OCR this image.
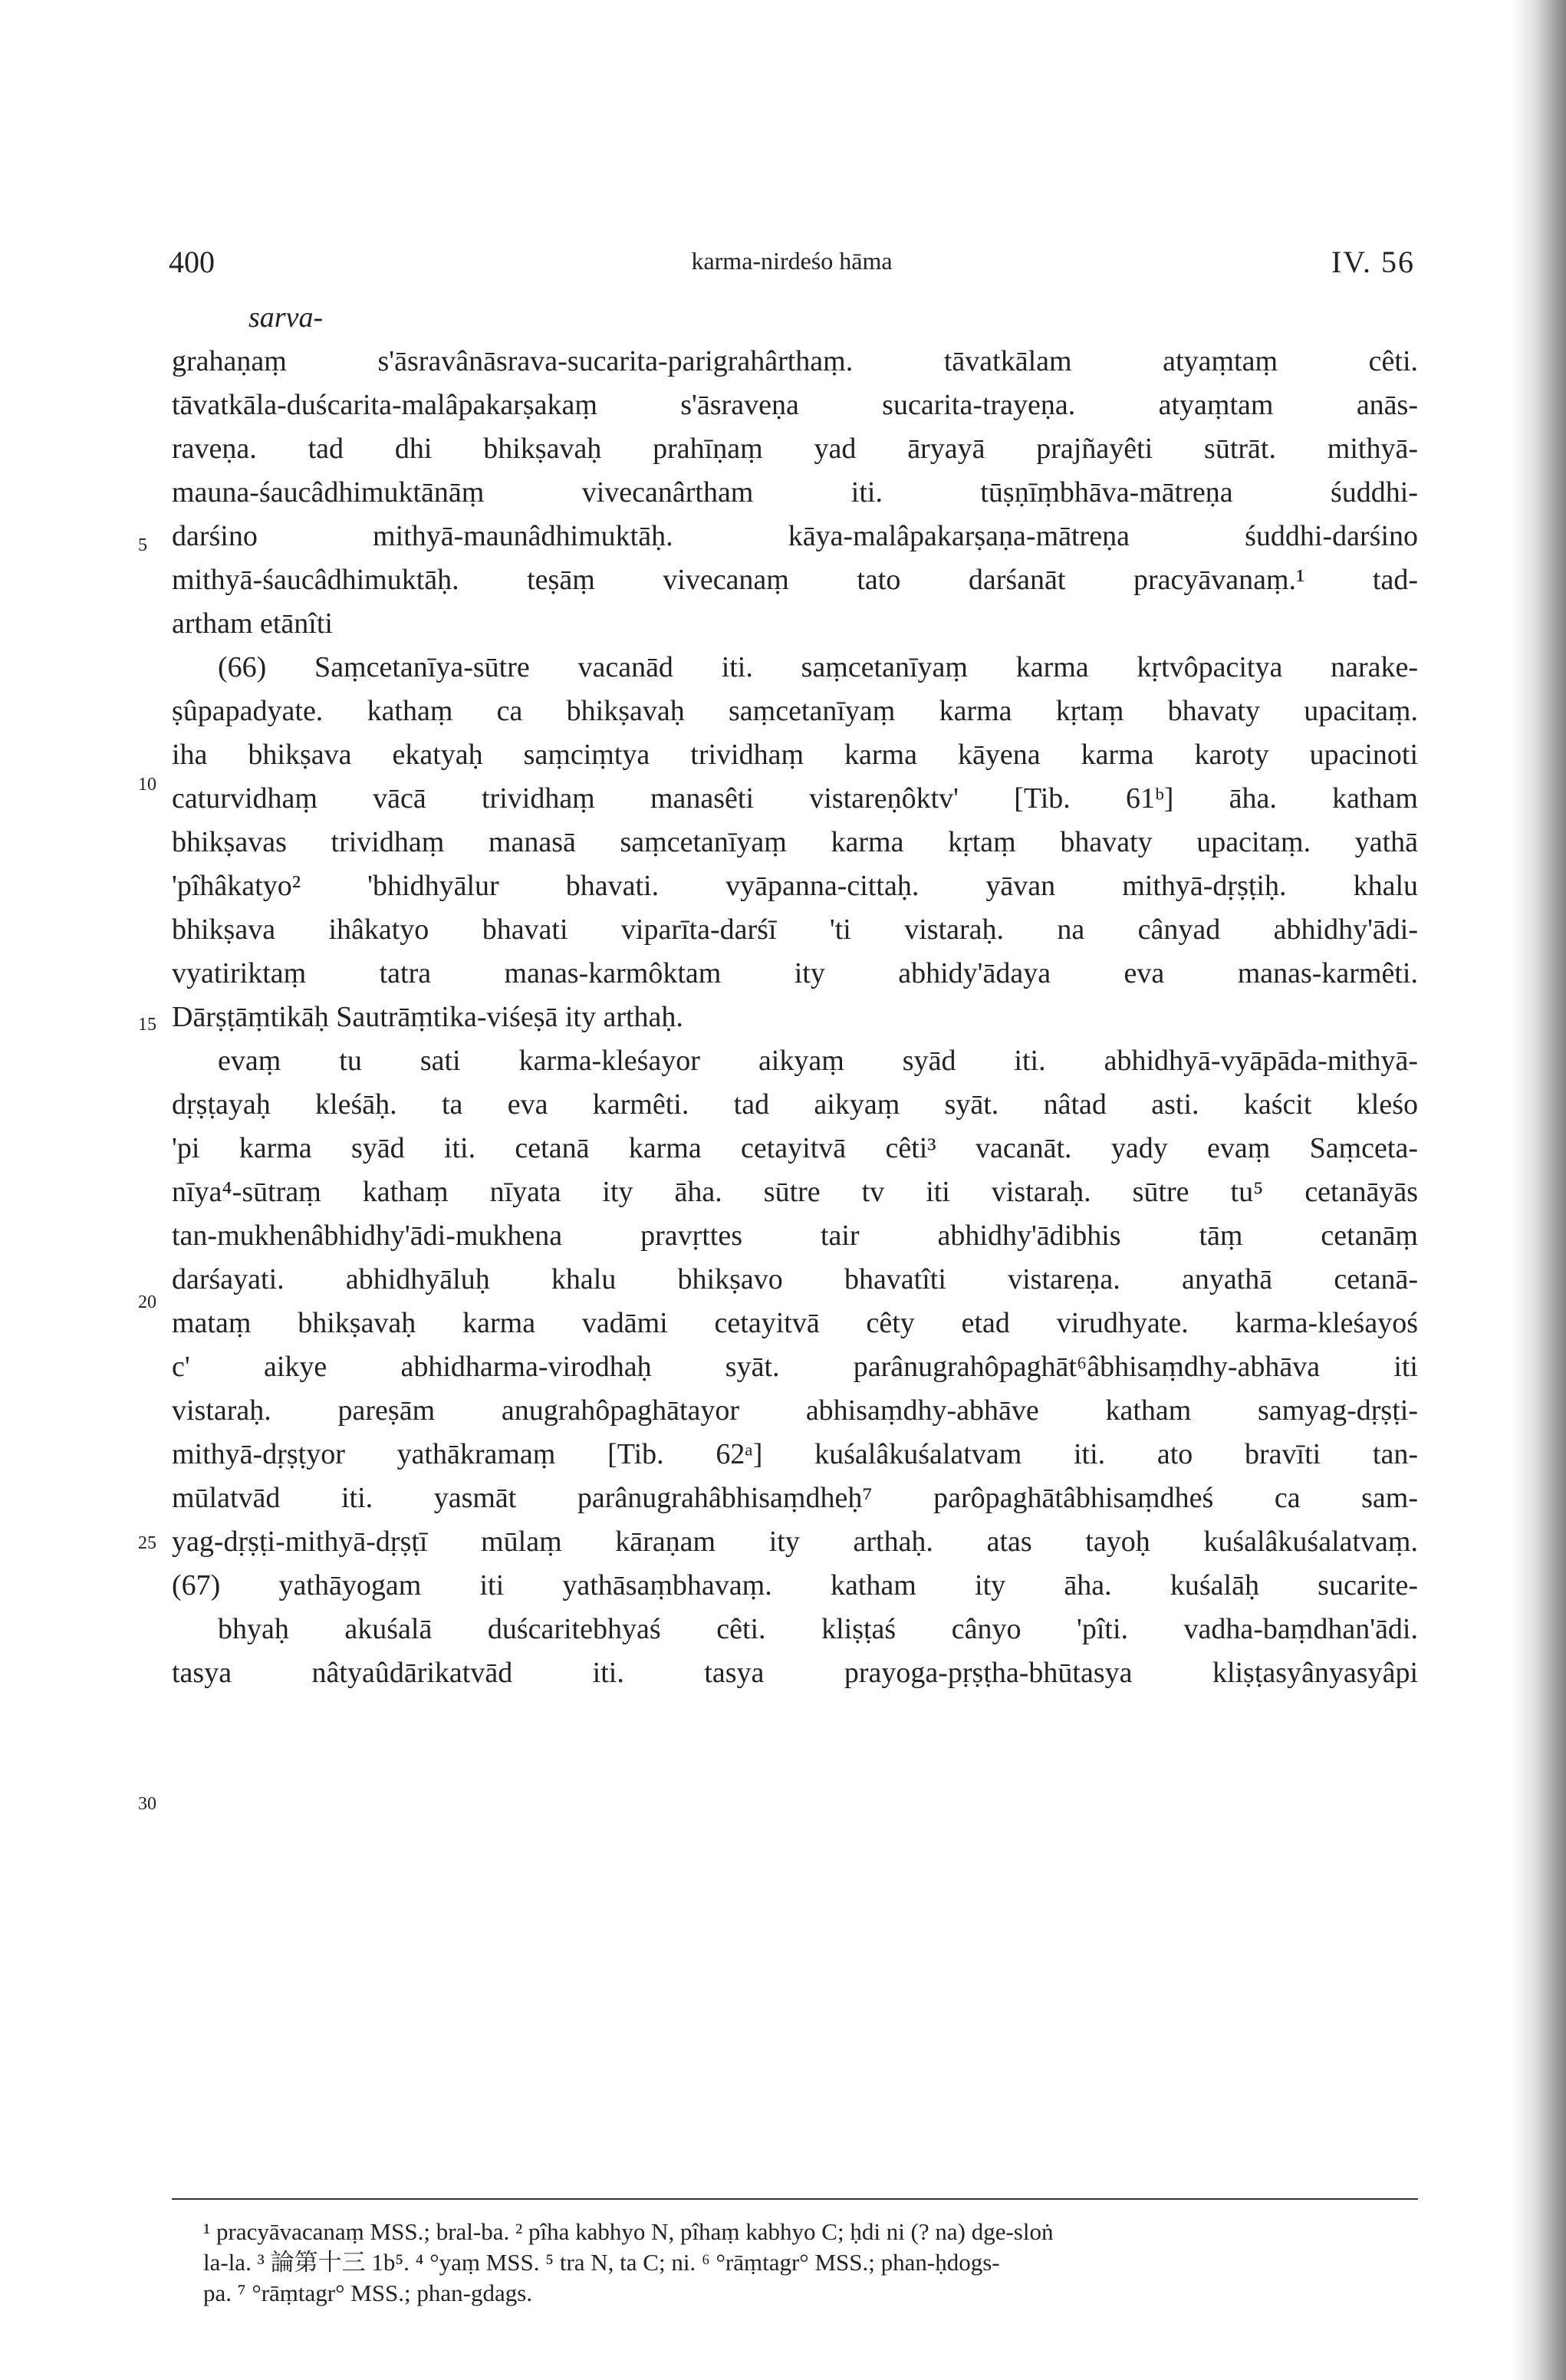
400	karma-nirdeśo hāma	IV. 56
5
10
15
20
25
30
sarva-
grahaṇaṃ s'āsravânāsrava-sucarita-parigrahârthaṃ. tāvatkālam atyaṃtaṃ cêti.
tāvatkāla-duścarita-malâpakarṣakaṃ s'āsraveṇa sucarita-trayeṇa. atyaṃtam anās-
raveṇa. tad dhi bhikṣavaḥ prahīṇaṃ yad āryayā prajñayêti sūtrāt. mithyā-
mauna-śaucâdhimuktānāṃ vivecanârtham iti. tūṣṇīṃbhāva-mātreṇa śuddhi-
darśino mithyā-maunâdhimuktāḥ. kāya-malâpakarṣaṇa-mātreṇa śuddhi-darśino
mithyā-śaucâdhimuktāḥ. teṣāṃ vivecanaṃ tato darśanāt pracyāvanaṃ.¹ tad-
artham etānîti
(66) Saṃcetanīya-sūtre vacanād iti. saṃcetanīyaṃ karma kṛtvôpacitya narake-
ṣûpapadyate. kathaṃ ca bhikṣavaḥ saṃcetanīyaṃ karma kṛtaṃ bhavaty upacitaṃ.
iha bhikṣava ekatyaḥ saṃciṃtya trividhaṃ karma kāyena karma karoty upacinoti
caturvidhaṃ vācā trividhaṃ manasêti vistareṇôktv' [Tib. 61ᵇ] āha. katham
bhikṣavas trividhaṃ manasā saṃcetanīyaṃ karma kṛtaṃ bhavaty upacitaṃ. yathā
'pîhâkatyo² 'bhidhyālur bhavati. vyāpanna-cittaḥ. yāvan mithyā-dṛṣṭiḥ. khalu
bhikṣava ihâkatyo bhavati viparīta-darśī 'ti vistaraḥ. na cânyad abhidhy'ādi-
vyatiriktaṃ tatra manas-karmôktam ity abhidy'ādaya eva manas-karmêti.
Dārṣṭāṃtikāḥ Sautrāṃtika-viśeṣā ity arthaḥ.
evaṃ tu sati karma-kleśayor aikyaṃ syād iti. abhidhyā-vyāpāda-mithyā-
dṛṣṭayaḥ kleśāḥ. ta eva karmêti. tad aikyaṃ syāt. nâtad asti. kaścit kleśo
'pi karma syād iti. cetanā karma cetayitvā cêti³ vacanāt. yady evaṃ Saṃceta-
nīya⁴-sūtraṃ kathaṃ nīyata ity āha. sūtre tv iti vistaraḥ. sūtre tu⁵ cetanāyās
tan-mukhenâbhidhy'ādi-mukhena pravṛttes tair abhidhy'ādibhis tāṃ cetanāṃ
darśayati. abhidhyāluḥ khalu bhikṣavo bhavatîti vistareṇa. anyathā cetanā-
mataṃ bhikṣavaḥ karma vadāmi cetayitvā cêty etad virudhyate. karma-kleśayoś
c' aikye abhidharma-virodhaḥ syāt. parânugrahôpaghāt⁶âbhisaṃdhy-abhāva iti
vistaraḥ. pareṣām anugrahôpaghātayor abhisaṃdhy-abhāve katham samyag-dṛṣṭi-
mithyā-dṛṣṭyor yathākramaṃ [Tib. 62ᵃ] kuśalâkuśalatvam iti. ato bravīti tan-
mūlatvād iti. yasmāt parânugrahâbhisaṃdheḥ⁷ parôpaghātâbhisaṃdheś ca sam-
yag-dṛṣṭi-mithyā-dṛṣṭī mūlaṃ kāraṇam ity arthaḥ. atas tayoḥ kuśalâkuśalatvaṃ.
(67) yathāyogam iti yathāsaṃbhavaṃ. katham ity āha. kuśalāḥ sucarite-
bhyaḥ akuśalā duścaritebhyaś cêti. kliṣṭaś cânyo 'pîti. vadha-baṃdhan'ādi.
tasya nâtyaûdārikatvād iti. tasya prayoga-pṛṣṭha-bhūtasya kliṣṭasyânyasyâpi
¹ pracyāvacanaṃ MSS.; bral-ba. ² pîha kabhyo N, pîhaṃ kabhyo C; ḥdi ni (? na) dge-sloṅ
la-la. ³ 論第十三 1b⁵. ⁴ °yaṃ MSS. ⁵ tra N, ta C; ni. ⁶ °rāṃtagr° MSS.; phan-ḥdogs-
pa. ⁷ °rāṃtagr° MSS.; phan-gdags.
